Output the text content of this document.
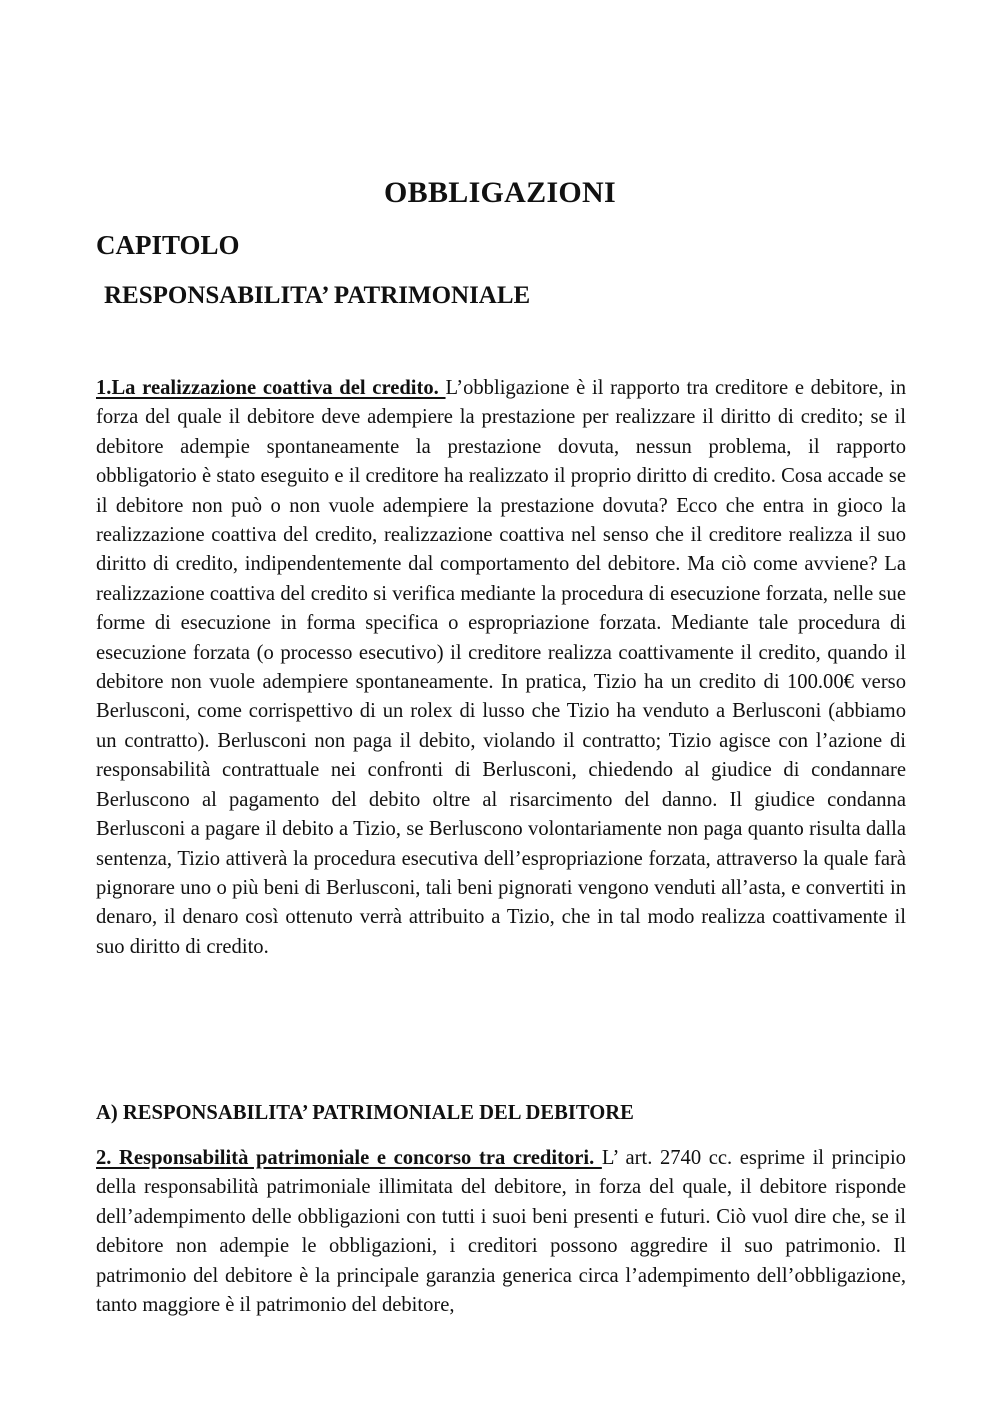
OBBLIGAZIONI
CAPITOLO
RESPONSABILITA’ PATRIMONIALE

1.La realizzazione coattiva del credito. L’obbligazione è il rapporto tra creditore e debitore, in forza del quale il debitore deve adempiere la prestazione per realizzare il diritto di credito; se il debitore adempie spontaneamente la prestazione dovuta, nessun problema, il rapporto obbligatorio è stato eseguito e il creditore ha realizzato il proprio diritto di credito. Cosa accade se il debitore non può o non vuole adempiere la prestazione dovuta? Ecco che entra in gioco la realizzazione coattiva del credito, realizzazione coattiva nel senso che il creditore realizza il suo diritto di credito, indipendentemente dal comportamento del debitore. Ma ciò come avviene? La realizzazione coattiva del credito si verifica mediante la procedura di esecuzione forzata, nelle sue forme di esecuzione in forma specifica o espropriazione forzata. Mediante tale procedura di esecuzione forzata (o processo esecutivo) il creditore realizza coattivamente il credito, quando il debitore non vuole adempiere spontaneamente. In pratica, Tizio ha un credito di 100.00€ verso Berlusconi, come corrispettivo di un rolex di lusso che Tizio ha venduto a Berlusconi (abbiamo un contratto). Berlusconi non paga il debito, violando il contratto; Tizio agisce con l’azione di responsabilità contrattuale nei confronti di Berlusconi, chiedendo al giudice di condannare Berluscono al pagamento del debito oltre al risarcimento del danno. Il giudice condanna Berlusconi a pagare il debito a Tizio, se Berluscono volontariamente non paga quanto risulta dalla sentenza, Tizio attiverà la procedura esecutiva dell’espropriazione forzata, attraverso la quale farà pignorare uno o più beni di Berlusconi, tali beni pignorati vengono venduti all’asta, e convertiti in denaro, il denaro così ottenuto verrà attribuito a Tizio, che in tal modo realizza coattivamente il suo diritto di credito.

A) RESPONSABILITA’ PATRIMONIALE DEL DEBITORE

2. Responsabilità patrimoniale e concorso tra creditori. L’ art. 2740 cc. esprime il principio della responsabilità patrimoniale illimitata del debitore, in forza del quale, il debitore risponde dell’adempimento delle obbligazioni con tutti i suoi beni presenti e futuri. Ciò vuol dire che, se il debitore non adempie le obbligazioni, i creditori possono aggredire il suo patrimonio. Il patrimonio del debitore è la principale garanzia generica circa l’adempimento dell’obbligazione, tanto maggiore è il patrimonio del debitore,
